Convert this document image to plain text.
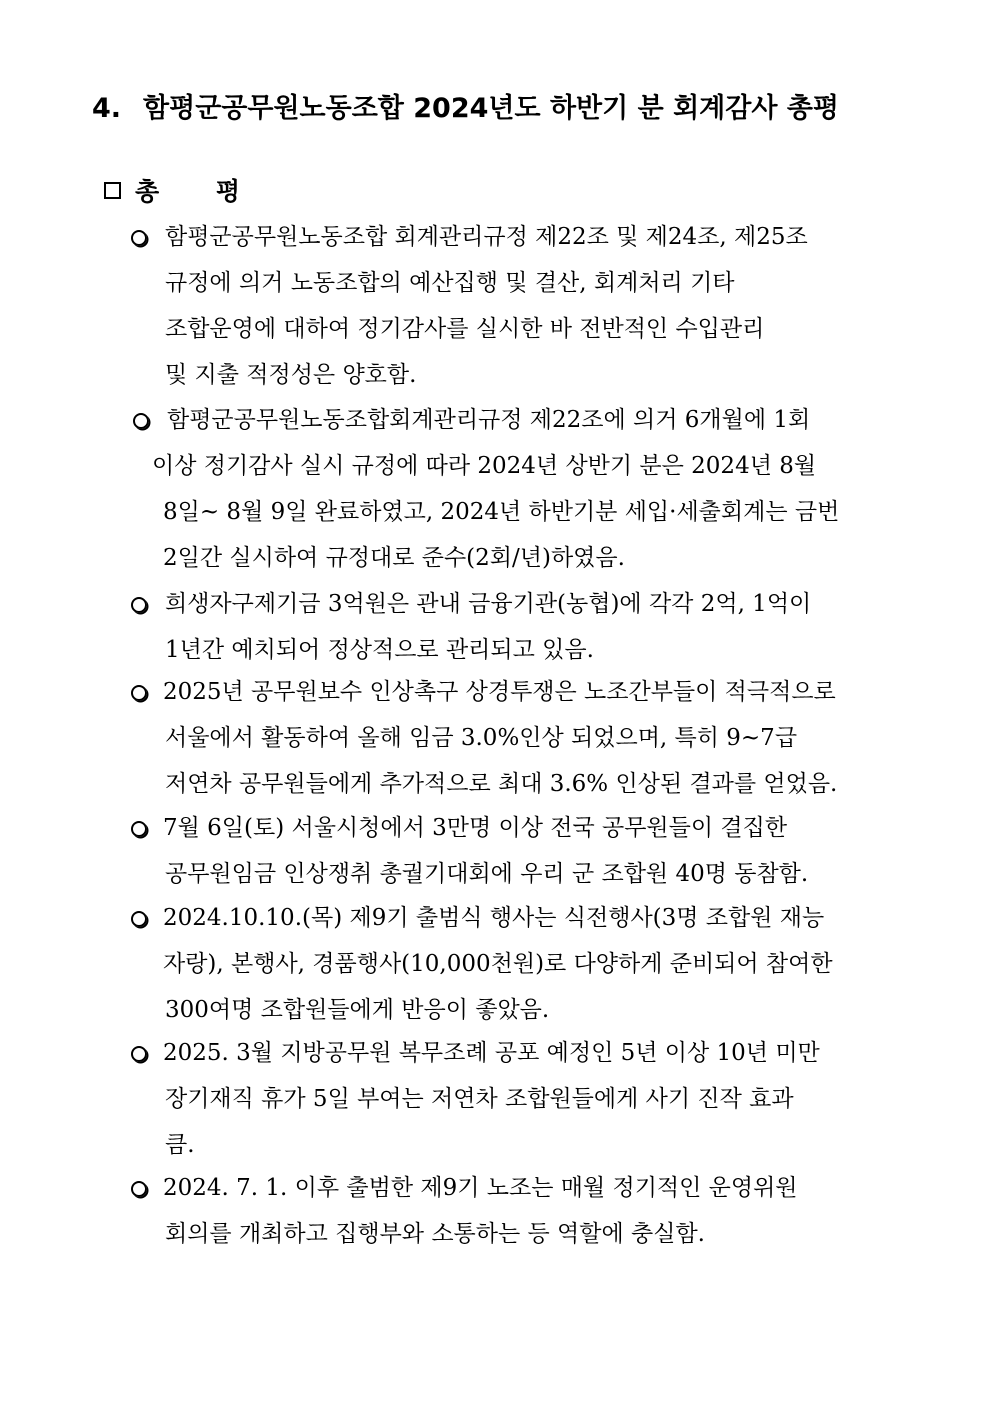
4. 함평군공무원노동조합 2024년도 하반기 분 회계감사 총평
총 평
함평군공무원노동조합 회계관리규정 제22조 및 제24조, 제25조
규정에 의거 노동조합의 예산집행 및 결산, 회계처리 기타
조합운영에 대하여 정기감사를 실시한 바 전반적인 수입관리
및 지출 적정성은 양호함.
함평군공무원노동조합회계관리규정 제22조에 의거 6개월에 1회
이상 정기감사 실시 규정에 따라 2024년 상반기 분은 2024년 8월
8일~ 8월 9일 완료하였고, 2024년 하반기분 세입·세출회계는 금번
2일간 실시하여 규정대로 준수(2회/년)하였음.
희생자구제기금 3억원은 관내 금융기관(농협)에 각각 2억, 1억이
1년간 예치되어 정상적으로 관리되고 있음.
2025년 공무원보수 인상촉구 상경투쟁은 노조간부들이 적극적으로
서울에서 활동하여 올해 임금 3.0%인상 되었으며, 특히 9~7급
저연차 공무원들에게 추가적으로 최대 3.6% 인상된 결과를 얻었음.
7월 6일(토) 서울시청에서 3만명 이상 전국 공무원들이 결집한
공무원임금 인상쟁취 총궐기대회에 우리 군 조합원 40명 동참함.
2024.10.10.(목) 제9기 출범식 행사는 식전행사(3명 조합원 재능
자랑), 본행사, 경품행사(10,000천원)로 다양하게 준비되어 참여한
300여명 조합원들에게 반응이 좋았음.
2025. 3월 지방공무원 복무조례 공포 예정인 5년 이상 10년 미만
장기재직 휴가 5일 부여는 저연차 조합원들에게 사기 진작 효과
큼.
2024. 7. 1. 이후 출범한 제9기 노조는 매월 정기적인 운영위원
회의를 개최하고 집행부와 소통하는 등 역할에 충실함.
